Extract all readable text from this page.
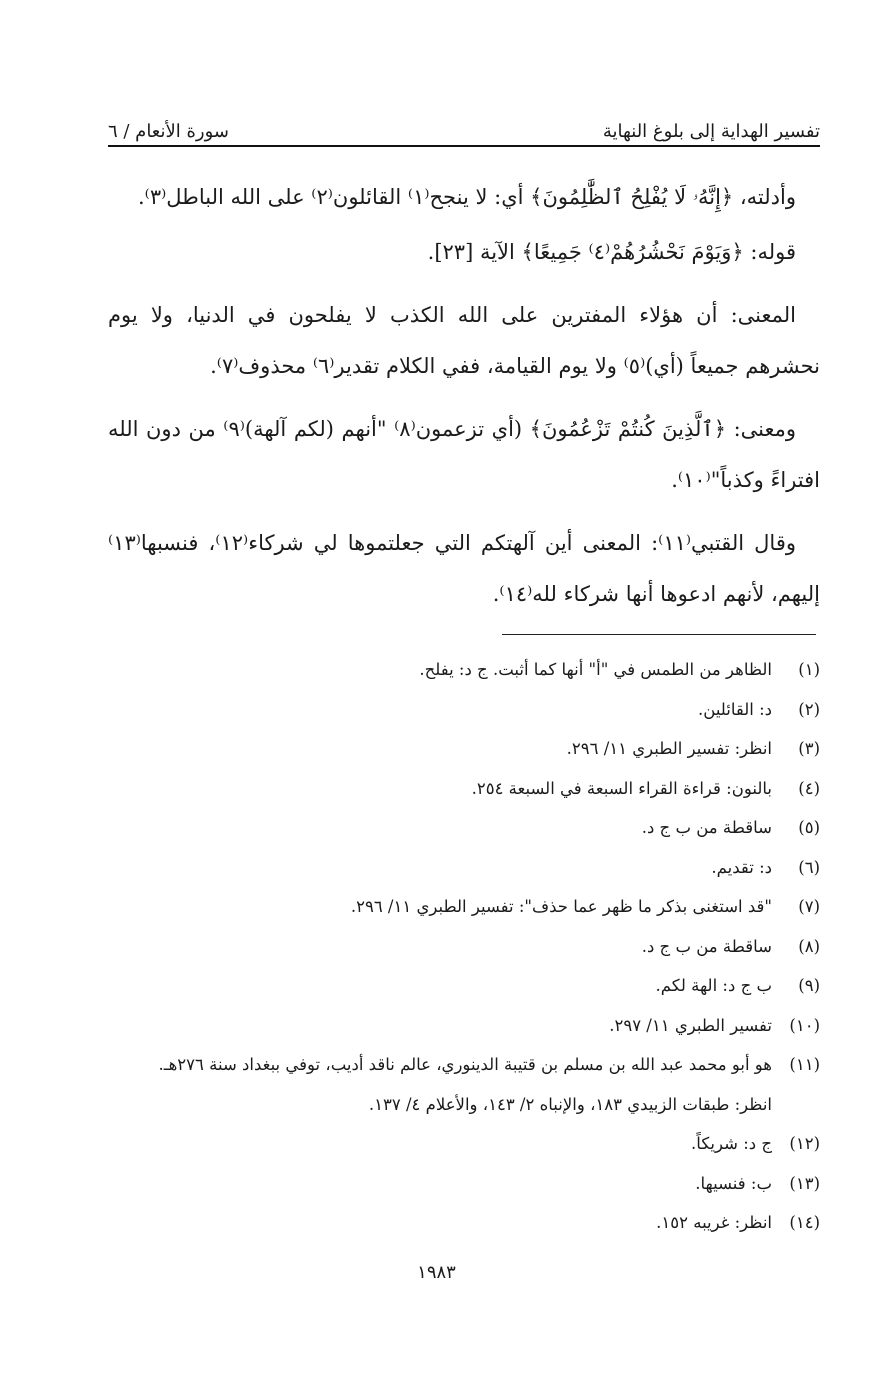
تفسير الهداية إلى بلوغ النهاية
سورة الأنعام / ٦

وأدلته، ﴿إِنَّهُۥ لَا يُفْلِحُ ٱلظَّٰلِمُونَ﴾ أي: لا ينجح⁽١⁾ القائلون⁽٢⁾ على الله الباطل⁽٣⁾.

قوله: ﴿وَيَوْمَ نَحْشُرُهُمْ⁽٤⁾ جَمِيعًا﴾ الآية [٢٣].

المعنى: أن هؤلاء المفترين على الله الكذب لا يفلحون في الدنيا، ولا يوم نحشرهم جميعاً (أي)⁽٥⁾ ولا يوم القيامة، ففي الكلام تقدير⁽٦⁾ محذوف⁽٧⁾.

ومعنى: ﴿ٱلَّذِينَ كُنتُمْ تَزْعُمُونَ﴾ (أي تزعمون⁽٨⁾ "أنهم (لكم آلهة)⁽٩⁾ من دون الله افتراءً وكذباً"⁽١٠⁾.

وقال القتبي⁽١١⁾: المعنى أين آلهتكم التي جعلتموها لي شركاء⁽١٢⁾، فنسبها⁽١٣⁾ إليهم، لأنهم ادعوها أنها شركاء لله⁽١٤⁾.

(١)
الظاهر من الطمس في "أ" أنها كما أثبت. ج د: يفلح.
(٢)
د: القائلين.
(٣)
انظر: تفسير الطبري ١١/ ٢٩٦.
(٤)
بالنون: قراءة القراء السبعة في السبعة ٢٥٤.
(٥)
ساقطة من ب ج د.
(٦)
د: تقديم.
(٧)
"قد استغنى بذكر ما ظهر عما حذف": تفسير الطبري ١١/ ٢٩٦.
(٨)
ساقطة من ب ج د.
(٩)
ب ج د: الهة لكم.
(١٠)
تفسير الطبري ١١/ ٢٩٧.
(١١)
هو أبو محمد عبد الله بن مسلم بن قتيبة الدينوري، عالم ناقد أديب، توفي ببغداد سنة ٢٧٦هـ.
انظر: طبقات الزبيدي ١٨٣، والإنباه ٢/ ١٤٣، والأعلام ٤/ ١٣٧.
(١٢)
ج د: شريكاً.
(١٣)
ب: فنسيها.
(١٤)
انظر: غريبه ١٥٢.
١٩٨٣
